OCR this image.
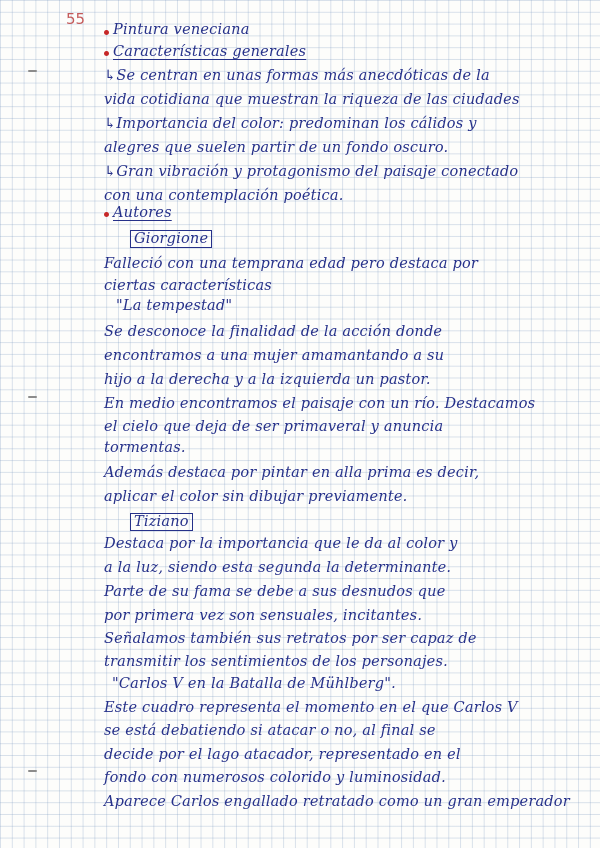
55
Pintura veneciana
Características generales
↳Se centran en unas formas más anecdóticas de la
vida cotidiana que muestran la riqueza de las ciudades
↳Importancia del color: predominan los cálidos y
alegres que suelen partir de un fondo oscuro.
↳Gran vibración y protagonismo del paisaje conectado
con una contemplación poética.
Autores
Giorgione
Falleció con una temprana edad pero destaca por
ciertas características
"La tempestad"
Se desconoce la finalidad de la acción donde
encontramos a una mujer amamantando a su
hijo a la derecha y a la izquierda un pastor.
En medio encontramos el paisaje con un río. Destacamos
el cielo que deja de ser primaveral y anuncia
tormentas.
Además destaca por pintar en alla prima es decir,
aplicar el color sin dibujar previamente.
Tiziano
Destaca por la importancia que le da al color y
a la luz, siendo esta segunda la determinante.
Parte de su fama se debe a sus desnudos que
por primera vez son sensuales, incitantes.
Señalamos también sus retratos por ser capaz de
transmitir los sentimientos de los personajes.
"Carlos V en la Batalla de Mühlberg".
Este cuadro representa el momento en el que Carlos V
se está debatiendo si atacar o no, al final se
decide por el lago atacador, representado en el
fondo con numerosos colorido y luminosidad.
Aparece Carlos engallado retratado como un gran emperador
